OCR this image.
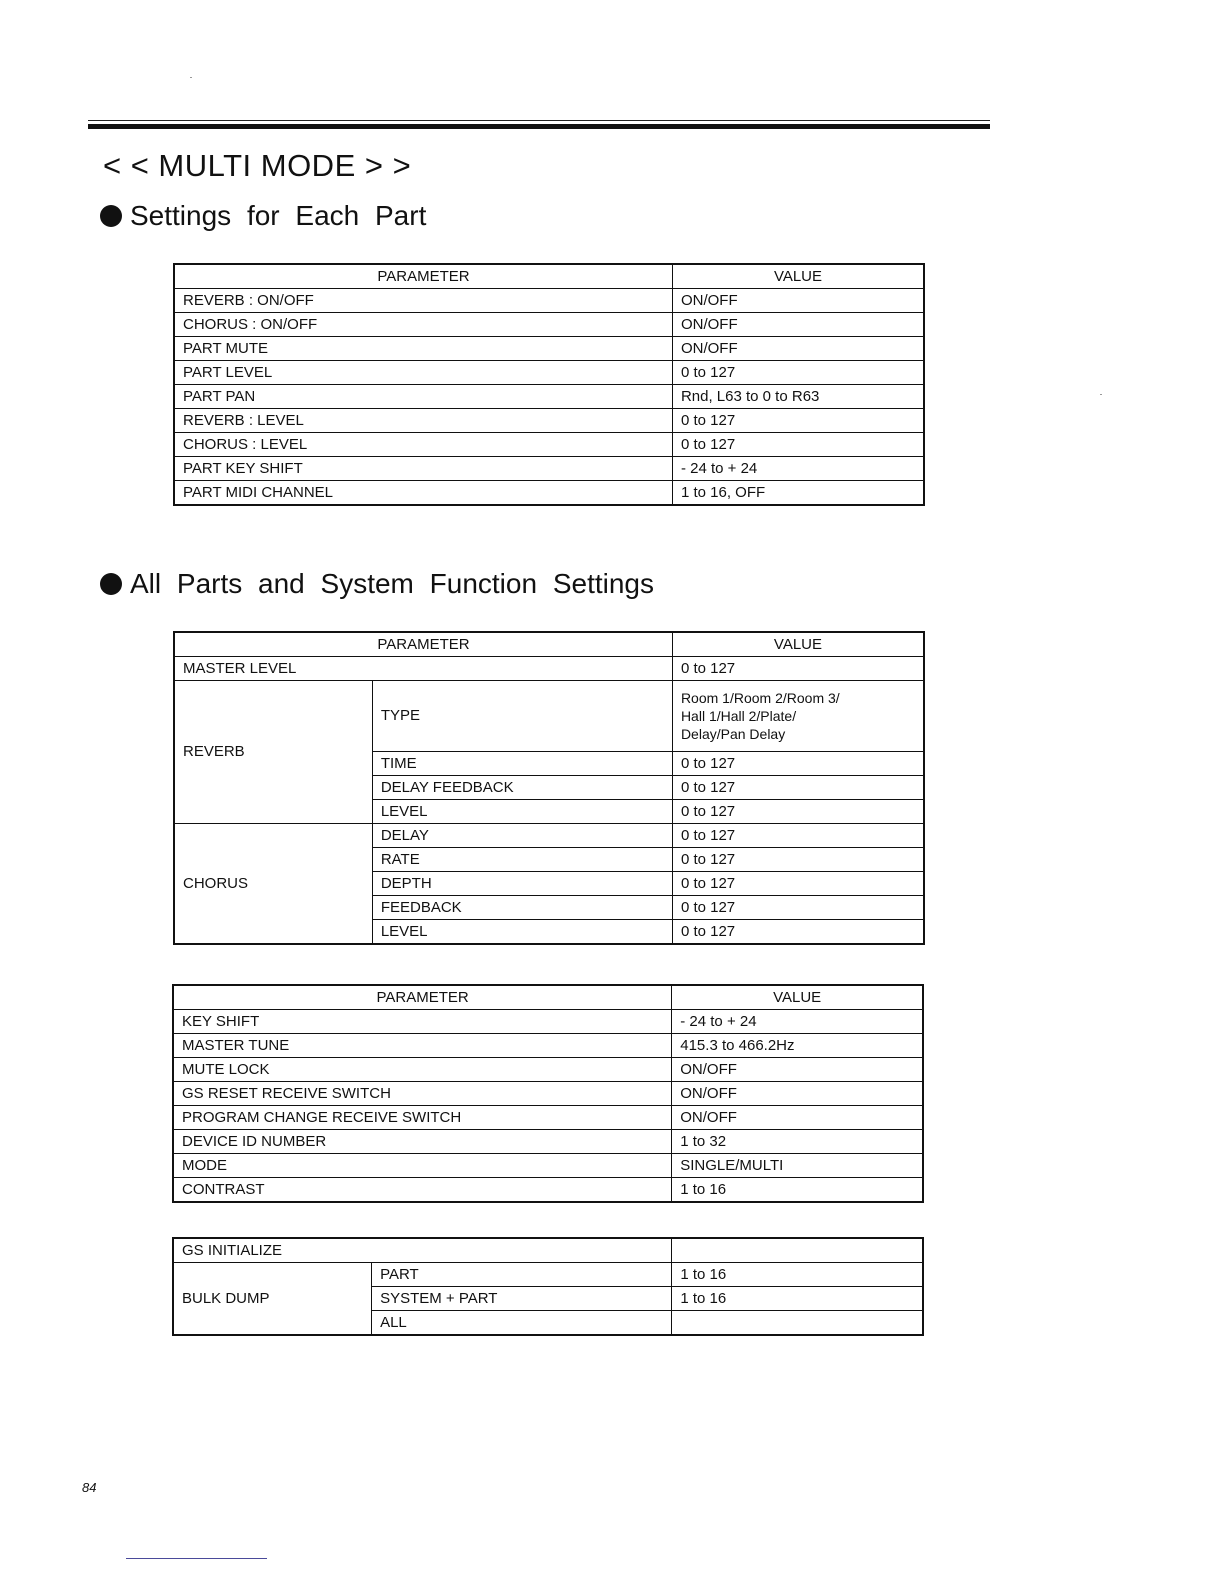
< < MULTI MODE > >
Settings for Each Part
PARAMETER	VALUE
REVERB : ON/OFF	ON/OFF
CHORUS : ON/OFF	ON/OFF
PART MUTE	ON/OFF
PART LEVEL	0 to 127
PART PAN	Rnd, L63 to 0 to R63
REVERB : LEVEL	0 to 127
CHORUS : LEVEL	0 to 127
PART KEY SHIFT	- 24 to + 24
PART MIDI CHANNEL	1 to 16, OFF
All Parts and System Function Settings
PARAMETER		VALUE
MASTER LEVEL		0 to 127
REVERB	TYPE	Room 1/Room 2/Room 3/
Hall 1/Hall 2/Plate/
Delay/Pan Delay

	TIME	0 to 127
	DELAY FEEDBACK	0 to 127
	LEVEL	0 to 127
CHORUS	DELAY	0 to 127
	RATE	0 to 127
	DEPTH	0 to 127
	FEEDBACK	0 to 127
	LEVEL	0 to 127
PARAMETER	VALUE
KEY SHIFT	- 24 to + 24
MASTER TUNE	415.3 to 466.2Hz
MUTE LOCK	ON/OFF
GS RESET RECEIVE SWITCH	ON/OFF
PROGRAM CHANGE RECEIVE SWITCH	ON/OFF
DEVICE ID NUMBER	1 to 32
MODE	SINGLE/MULTI
CONTRAST	1 to 16
GS INITIALIZE		
BULK DUMP	PART	1 to 16
	SYSTEM + PART	1 to 16
	ALL	
84
